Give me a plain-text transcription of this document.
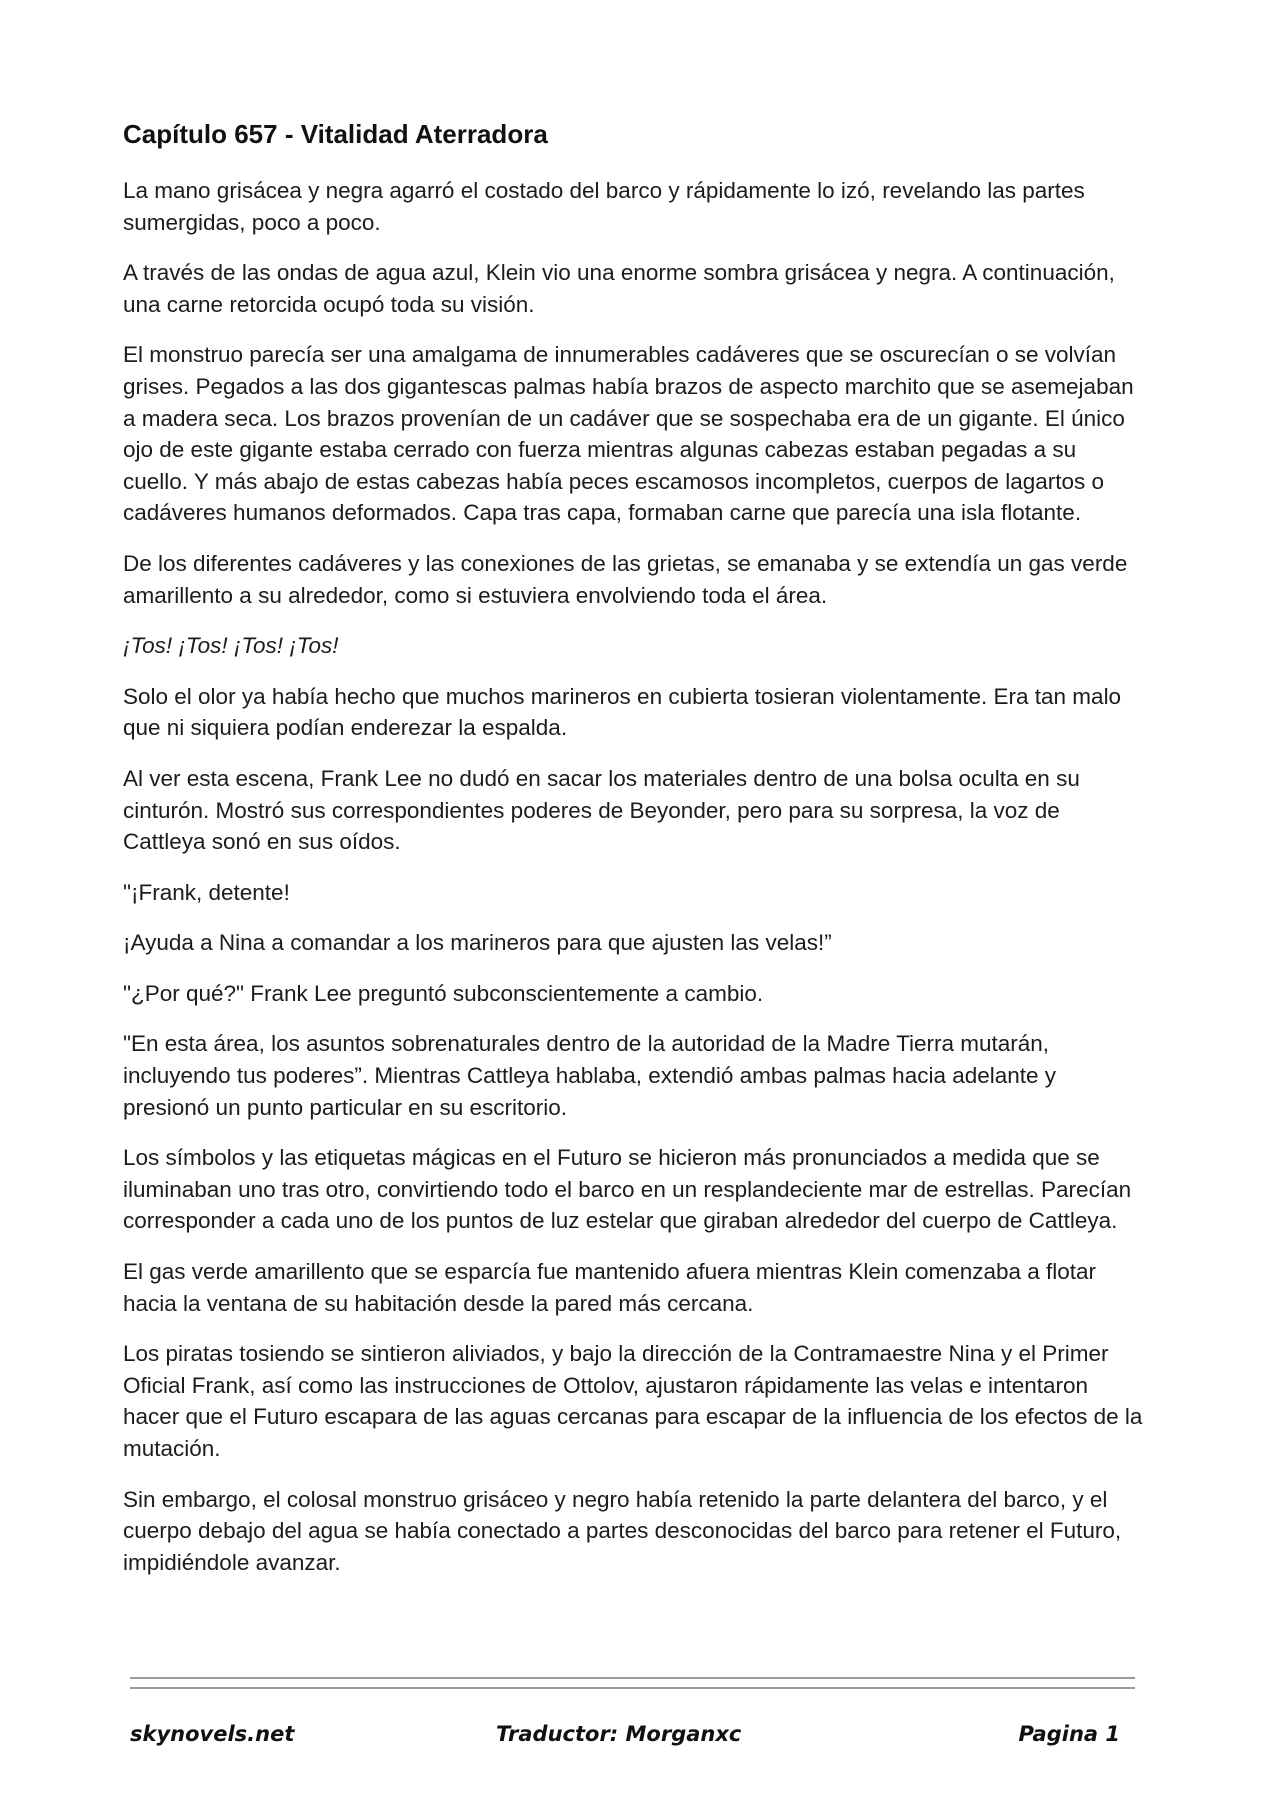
Capítulo 657 - Vitalidad Aterradora

La mano grisácea y negra agarró el costado del barco y rápidamente lo izó, revelando las partes sumergidas, poco a poco.

A través de las ondas de agua azul, Klein vio una enorme sombra grisácea y negra. A continuación, una carne retorcida ocupó toda su visión.

El monstruo parecía ser una amalgama de innumerables cadáveres que se oscurecían o se volvían grises. Pegados a las dos gigantescas palmas había brazos de aspecto marchito que se asemejaban a madera seca. Los brazos provenían de un cadáver que se sospechaba era de un gigante. El único ojo de este gigante estaba cerrado con fuerza mientras algunas cabezas estaban pegadas a su cuello. Y más abajo de estas cabezas había peces escamosos incompletos, cuerpos de lagartos o cadáveres humanos deformados. Capa tras capa, formaban carne que parecía una isla flotante.

De los diferentes cadáveres y las conexiones de las grietas, se emanaba y se extendía un gas verde amarillento a su alrededor, como si estuviera envolviendo toda el área.

¡Tos! ¡Tos! ¡Tos! ¡Tos!

Solo el olor ya había hecho que muchos marineros en cubierta tosieran violentamente. Era tan malo que ni siquiera podían enderezar la espalda.

Al ver esta escena, Frank Lee no dudó en sacar los materiales dentro de una bolsa oculta en su cinturón. Mostró sus correspondientes poderes de Beyonder, pero para su sorpresa, la voz de Cattleya sonó en sus oídos.

"¡Frank, detente!

¡Ayuda a Nina a comandar a los marineros para que ajusten las velas!”

"¿Por qué?" Frank Lee preguntó subconscientemente a cambio.

"En esta área, los asuntos sobrenaturales dentro de la autoridad de la Madre Tierra mutarán, incluyendo tus poderes”. Mientras Cattleya hablaba, extendió ambas palmas hacia adelante y presionó un punto particular en su escritorio.

Los símbolos y las etiquetas mágicas en el Futuro se hicieron más pronunciados a medida que se iluminaban uno tras otro, convirtiendo todo el barco en un resplandeciente mar de estrellas. Parecían corresponder a cada uno de los puntos de luz estelar que giraban alrededor del cuerpo de Cattleya.

El gas verde amarillento que se esparcía fue mantenido afuera mientras Klein comenzaba a flotar hacia la ventana de su habitación desde la pared más cercana.

Los piratas tosiendo se sintieron aliviados, y bajo la dirección de la Contramaestre Nina y el Primer Oficial Frank, así como las instrucciones de Ottolov, ajustaron rápidamente las velas e intentaron hacer que el Futuro escapara de las aguas cercanas para escapar de la influencia de los efectos de la mutación.

Sin embargo, el colosal monstruo grisáceo y negro había retenido la parte delantera del barco, y el cuerpo debajo del agua se había conectado a partes desconocidas del barco para retener el Futuro, impidiéndole avanzar.

skynovels.net	Traductor: Morganxc	Pagina 1
